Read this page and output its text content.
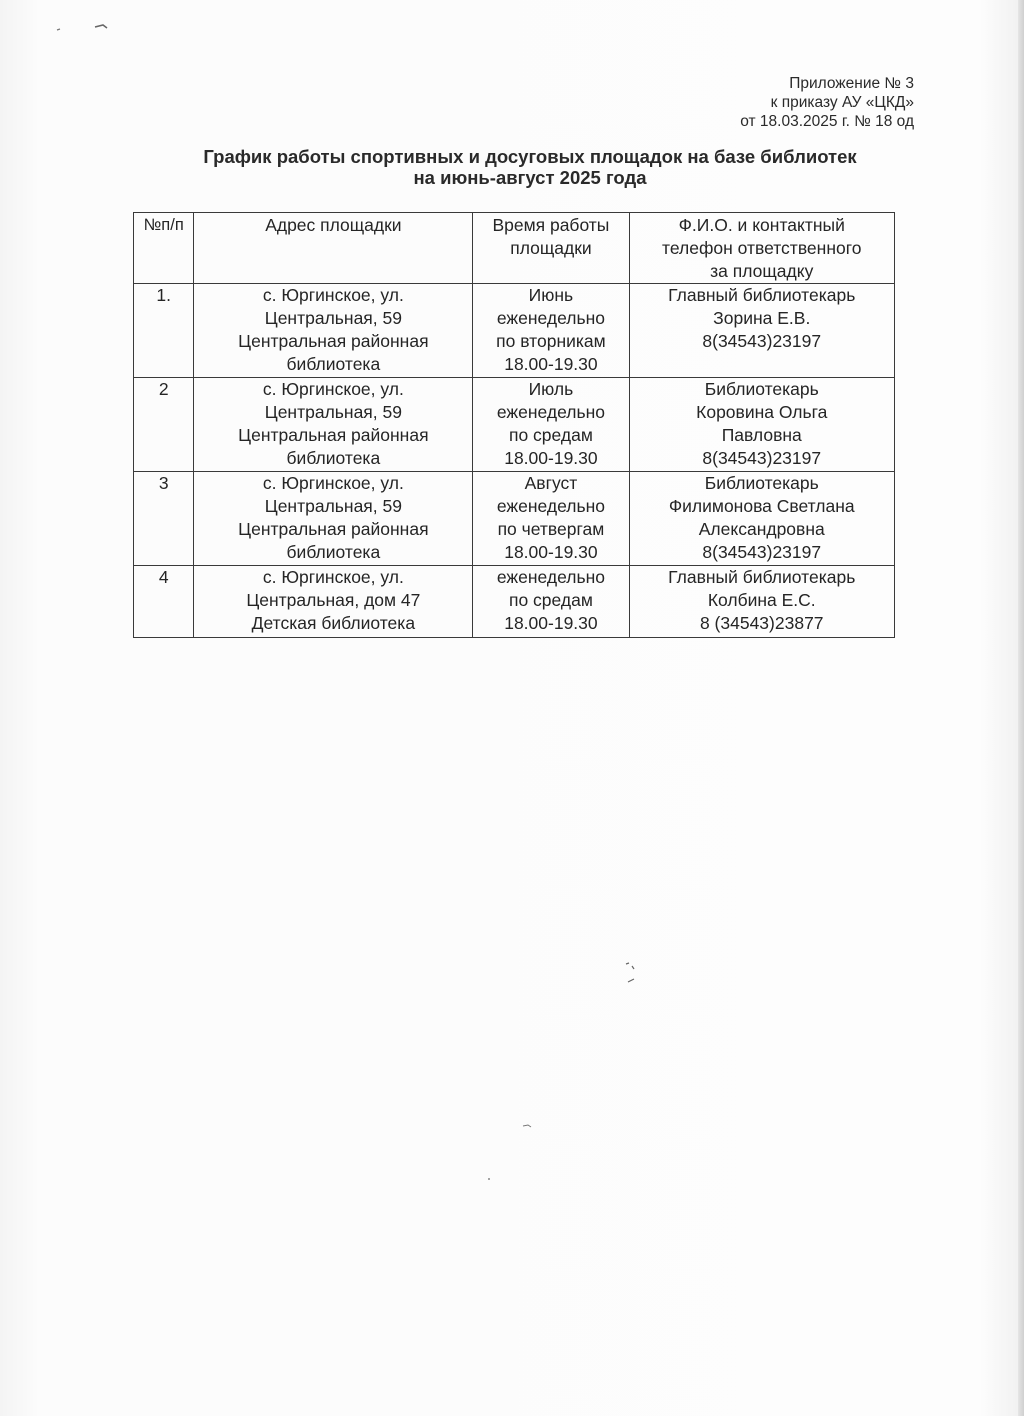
Приложение № 3
к приказу АУ «ЦКД»
от 18.03.2025 г. № 18 од
График работы спортивных и досуговых площадок на базе библиотек
на июнь-август 2025 года
№п/п	Адрес площадки	Время работы
площадки	Ф.И.О. и контактный
телефон ответственного
за площадку

1.	с. Юргинское, ул.
Центральная, 59
Центральная районная
библиотека	Июнь
еженедельно
по вторникам
18.00-19.30	Главный библиотекарь
Зорина Е.В.
8(34543)23197

2	с. Юргинское, ул.
Центральная, 59
Центральная районная
библиотека	Июль
еженедельно
по средам
18.00-19.30	Библиотекарь
Коровина Ольга
Павловна
8(34543)23197

3	с. Юргинское, ул.
Центральная, 59
Центральная районная
библиотека	Август
еженедельно
по четвергам
18.00-19.30	Библиотекарь
Филимонова Светлана
Александровна
8(34543)23197

4	с. Юргинское, ул.
Центральная, дом 47
Детская библиотека	еженедельно
по средам
18.00-19.30	Главный библиотекарь
Колбина Е.С.
8 (34543)23877
